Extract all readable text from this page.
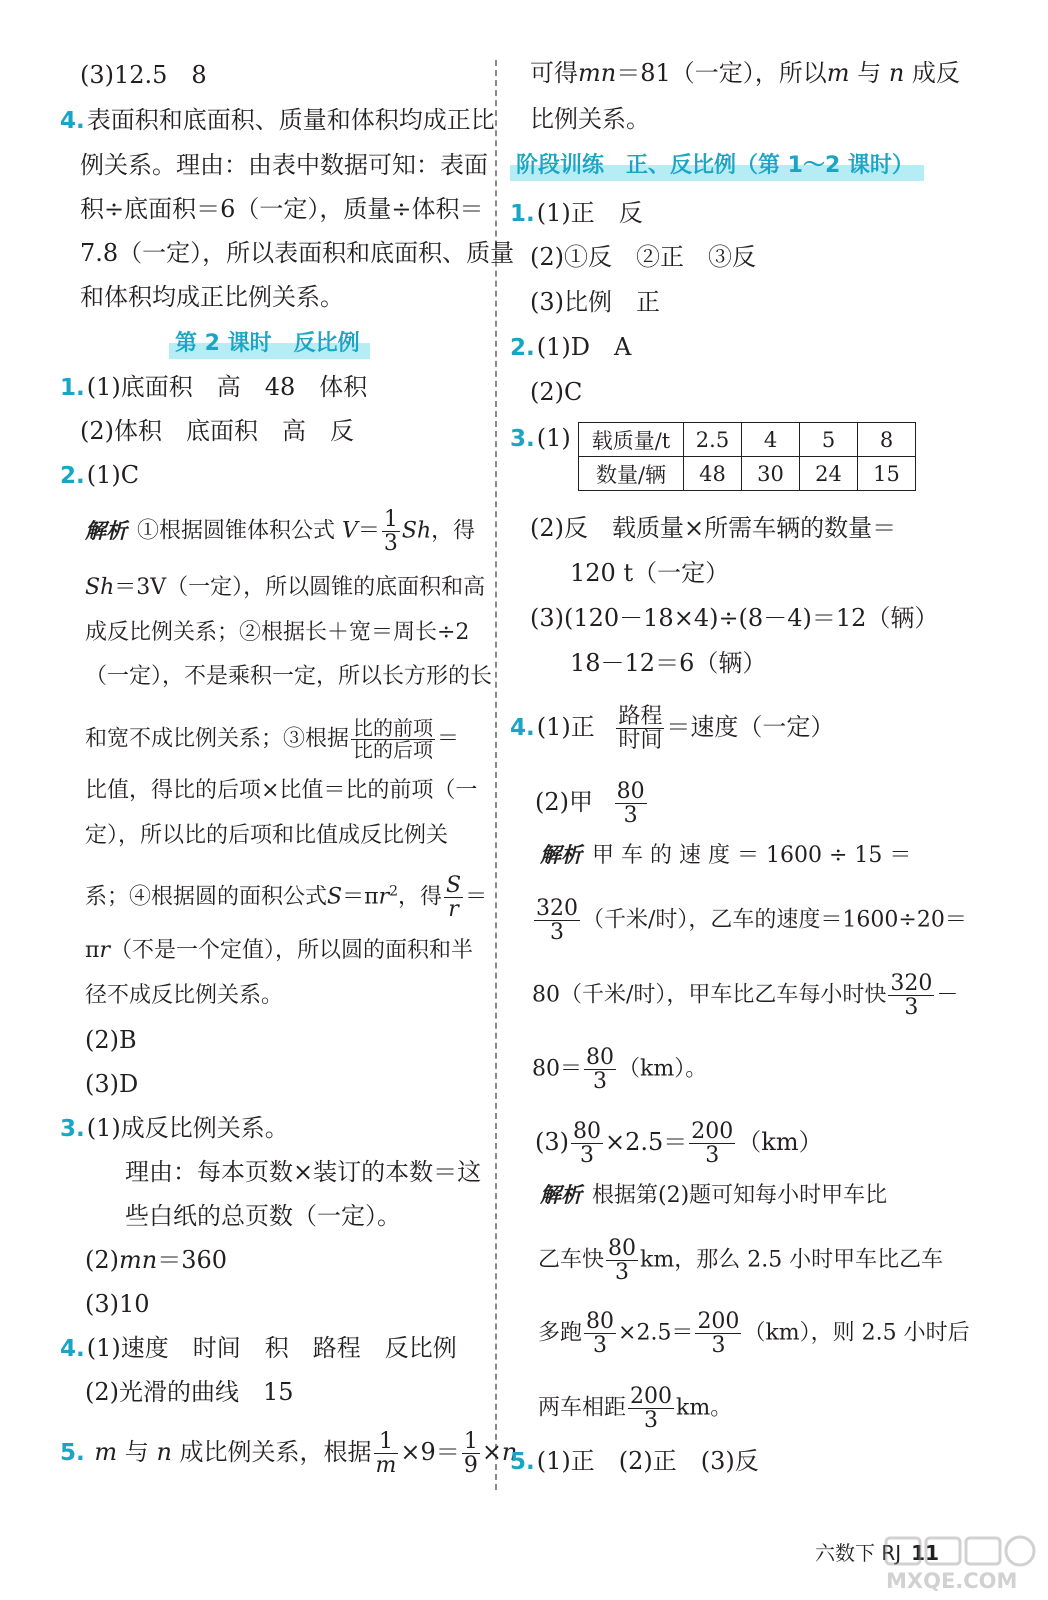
(3)12.5　8
4.表面积和底面积、质量和体积均成正比
例关系。理由：由表中数据可知：表面
积÷底面积＝6（一定），质量÷体积＝
7.8（一定），所以表面积和底面积、质量
和体积均成正比例关系。
第 2 课时　反比例
1.(1)底面积　高　48　体积
(2)体积　底面积　高　反
2.(1)C
解析 ①根据圆锥体积公式 $V= \frac{1}{3}$ Sh，得
Sh＝3V（一定），所以圆锥的底面积和高
成反比例关系；②根据长＋宽＝周长÷2
（一定），不是乘积一定，所以长方形的长
和宽不成比例关系；③根据 $\frac{\text{比的前项}}{\text{比的后项}}$ ＝
比值，得比的后项×比值＝比的前项（一
定），所以比的后项和比值成反比例关
系；④根据圆的面积公式$S=\pi r^2$，得 $\frac{S}{r}$ ＝
πr（不是一个定值），所以圆的面积和半
径不成反比例关系。
(2)B
(3)D
3.(1)成反比例关系。
理由：每本页数×装订的本数＝这
些白纸的总页数（一定）。
(2)mn＝360
(3)10
4.(1)速度　时间　积　路程　反比例
(2)光滑的曲线　15
5. m 与 n 成比例关系，根据 $\frac{1}{m} \times 9= \frac{1}{9} \times n$
可得mn＝81（一定），所以m 与 n 成反
比例关系。
阶段训练　正、反比例（第 1～2 课时）
1.(1)正　反
(2)①反　②正　③反
(3)比例　正
2.(1)D　A
(2)C
3.(1) 载质量/t	2.5	4	5	8
数量/辆	48	30	24	15
(2)反　载质量×所需车辆的数量＝
120 t（一定）
(3)(120－18×4)÷(8－4)＝12（辆）
18－12＝6（辆）
4.(1)正 $\frac{\text{路程}}{\text{时间}}$ ＝速度（一定）
(2)甲 $\frac{80}{3}$
解析 甲 车 的 速 度 ＝ 1600 ÷ 15 ＝
$\frac{320}{3}$ （千米/时），乙车的速度＝1600÷20＝
80（千米/时），甲车比乙车每小时快 $\frac{320}{3}$ －
$80= \frac{80}{3} (km)$。
$(3) \frac{80}{3} \times 2.5= \frac{200}{3} (km)$
解析 根据第(2)题可知每小时甲车比
乙车快 $\frac{80}{3}$ km，那么 2.5 小时甲车比乙车
多跑 $\frac{80}{3} \times 2.5= \frac{200}{3} (km)$，则 2.5 小时后
两车相距 $\frac{200}{3}$ km。
5.(1)正　(2)正　(3)反
六数下 RJ 11
MXQE.COM
